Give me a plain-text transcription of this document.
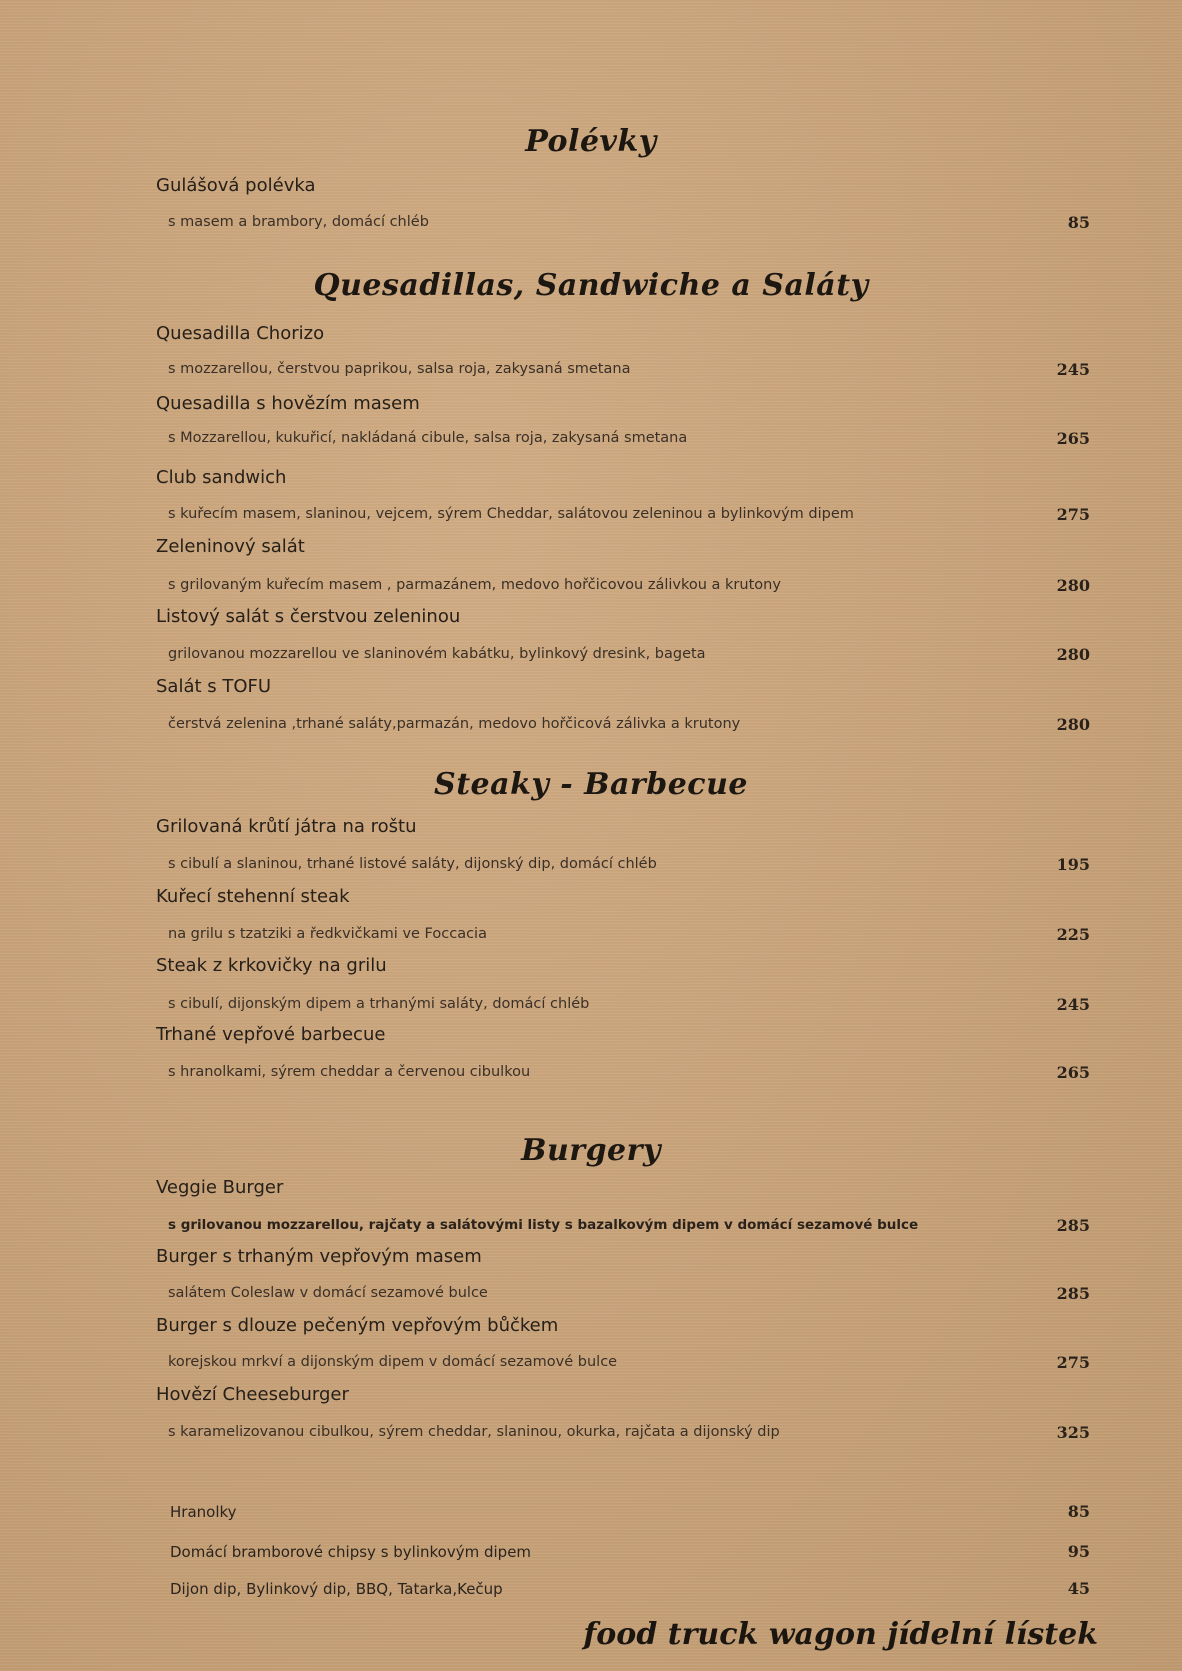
Polévky
Gulášová polévka
s masem a brambory, domácí chléb	85
Quesadillas, Sandwiche a Saláty
Quesadilla Chorizo
s mozzarellou, čerstvou paprikou, salsa roja, zakysaná smetana	245
Quesadilla s hovězím masem
s Mozzarellou, kukuřicí, nakládaná cibule, salsa roja, zakysaná smetana	265
Club sandwich
s kuřecím masem, slaninou, vejcem, sýrem Cheddar, salátovou zeleninou a bylinkovým dipem	275
Zeleninový salát
s grilovaným kuřecím masem , parmazánem, medovo hořčicovou zálivkou a krutony	280
Listový salát s čerstvou zeleninou
grilovanou mozzarellou ve slaninovém kabátku, bylinkový dresink, bageta	280
Salát s TOFU
čerstvá zelenina ,trhané saláty,parmazán, medovo hořčicová zálivka a krutony	280
Steaky - Barbecue
Grilovaná krůtí játra na roštu
s cibulí a slaninou, trhané listové saláty, dijonský dip, domácí chléb	195
Kuřecí stehenní steak
na grilu s tzatziki a ředkvičkami ve Foccacia	225
Steak z krkovičky na grilu
s cibulí, dijonským dipem a trhanými saláty, domácí chléb	245
Trhané vepřové barbecue
s hranolkami, sýrem cheddar a červenou cibulkou	265
Burgery
Veggie Burger
s grilovanou mozzarellou, rajčaty a salátovými listy s bazalkovým dipem v domácí sezamové bulce	285
Burger s trhaným vepřovým masem
salátem Coleslaw v domácí sezamové bulce	285
Burger s dlouze pečeným vepřovým bůčkem
korejskou mrkví a dijonským dipem v domácí sezamové bulce	275
Hovězí Cheeseburger
s karamelizovanou cibulkou, sýrem cheddar, slaninou, okurka, rajčata a dijonský dip	325
Hranolky	85
Domácí bramborové chipsy s bylinkovým dipem	95
Dijon dip, Bylinkový dip, BBQ, Tatarka,Kečup	45
food truck wagon jídelní lístek
